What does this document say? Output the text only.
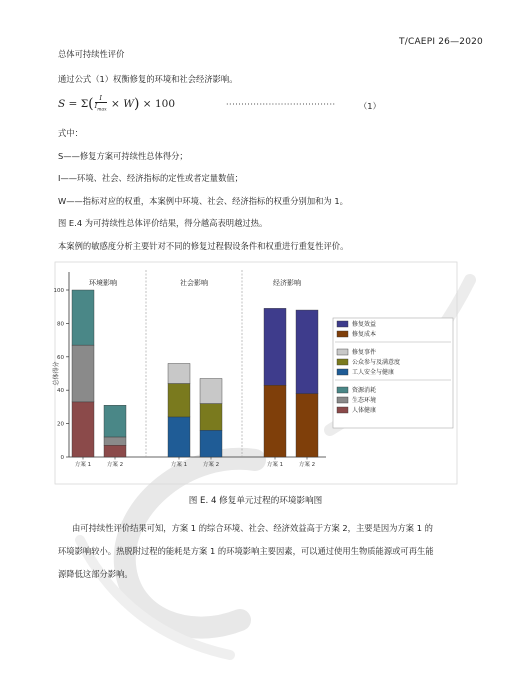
T/CAEPI 26—2020
总体可持续性评价
通过公式（1）权衡修复的环境和社会经济影响。
$S = \Sigma( \frac{I}{I_{max}} \times W) \times 100$	····································	（1）
式中：
S——修复方案可持续性总体得分；
I——环境、社会、经济指标的定性或者定量数值；
W——指标对应的权重，本案例中环境、社会、经济指标的权重分别加和为 1。
图 E.4 为可持续性总体评价结果，得分越高表明越过热。
本案例的敏感度分析主要针对不同的修复过程假设条件和权重进行重复性评价。
0
20
40
60
80
100
总体得分
环境影响
方案 1	方案 2
社会影响
方案 1	方案 2
经济影响
方案 1	方案 2
修复效益
修复成本
修复事件
公众参与及满意度
工人安全与健康
资源消耗
生态环境
人体健康
图 E. 4 修复单元过程的环境影响图
由可持续性评价结果可知，方案 1 的综合环境、社会、经济效益高于方案 2，主要是因为方案 1 的
环境影响较小。热脱附过程的能耗是方案 1 的环境影响主要因素，可以通过使用生物质能源或可再生能
源降低这部分影响。
